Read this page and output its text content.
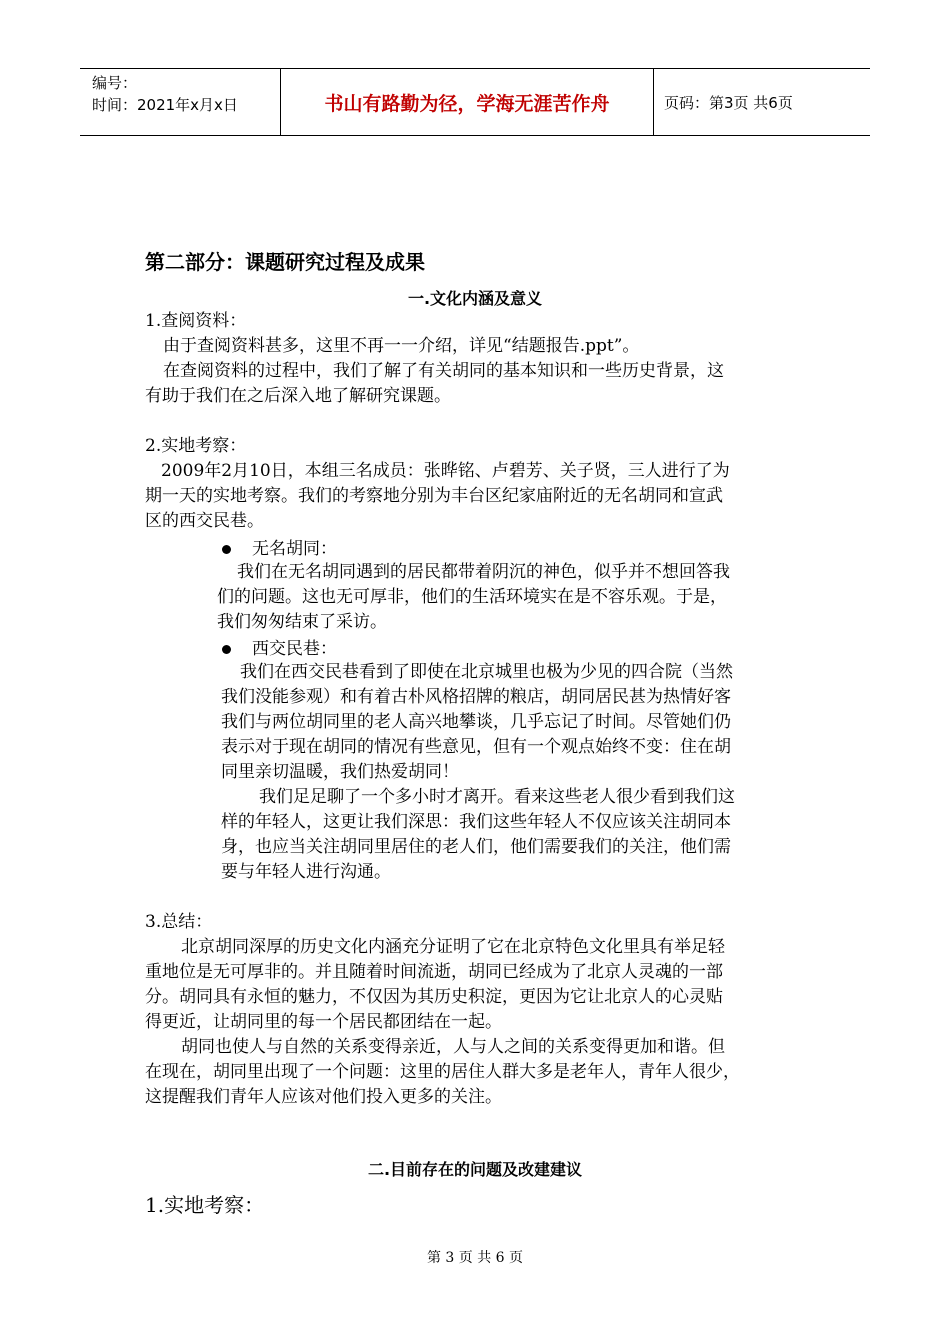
编号：
时间：2021年x月x日	书山有路勤为径，学海无涯苦作舟	页码：第3页 共6页
第二部分：课题研究过程及成果
一.文化内涵及意义
1.查阅资料：
由于查阅资料甚多，这里不再一一介绍，详见“结题报告.ppt”。
在查阅资料的过程中，我们了解了有关胡同的基本知识和一些历史背景，这
有助于我们在之后深入地了解研究课题。
2.实地考察：
2009年2月10日，本组三名成员：张晔铭、卢碧芳、关子贤，三人进行了为
期一天的实地考察。我们的考察地分别为丰台区纪家庙附近的无名胡同和宣武
区的西交民巷。
无名胡同：
我们在无名胡同遇到的居民都带着阴沉的神色，似乎并不想回答我
们的问题。这也无可厚非，他们的生活环境实在是不容乐观。于是，
我们匆匆结束了采访。
西交民巷：
我们在西交民巷看到了即使在北京城里也极为少见的四合院（当然
我们没能参观）和有着古朴风格招牌的粮店，胡同居民甚为热情好客
我们与两位胡同里的老人高兴地攀谈，几乎忘记了时间。尽管她们仍
表示对于现在胡同的情况有些意见，但有一个观点始终不变：住在胡
同里亲切温暖，我们热爱胡同！
我们足足聊了一个多小时才离开。看来这些老人很少看到我们这
样的年轻人，这更让我们深思：我们这些年轻人不仅应该关注胡同本
身，也应当关注胡同里居住的老人们，他们需要我们的关注，他们需
要与年轻人进行沟通。
3.总结：
北京胡同深厚的历史文化内涵充分证明了它在北京特色文化里具有举足轻
重地位是无可厚非的。并且随着时间流逝，胡同已经成为了北京人灵魂的一部
分。胡同具有永恒的魅力，不仅因为其历史积淀，更因为它让北京人的心灵贴
得更近，让胡同里的每一个居民都团结在一起。
胡同也使人与自然的关系变得亲近，人与人之间的关系变得更加和谐。但
在现在，胡同里出现了一个问题：这里的居住人群大多是老年人，青年人很少，
这提醒我们青年人应该对他们投入更多的关注。
二.目前存在的问题及改建建议
1.实地考察：
第 3 页 共 6 页
